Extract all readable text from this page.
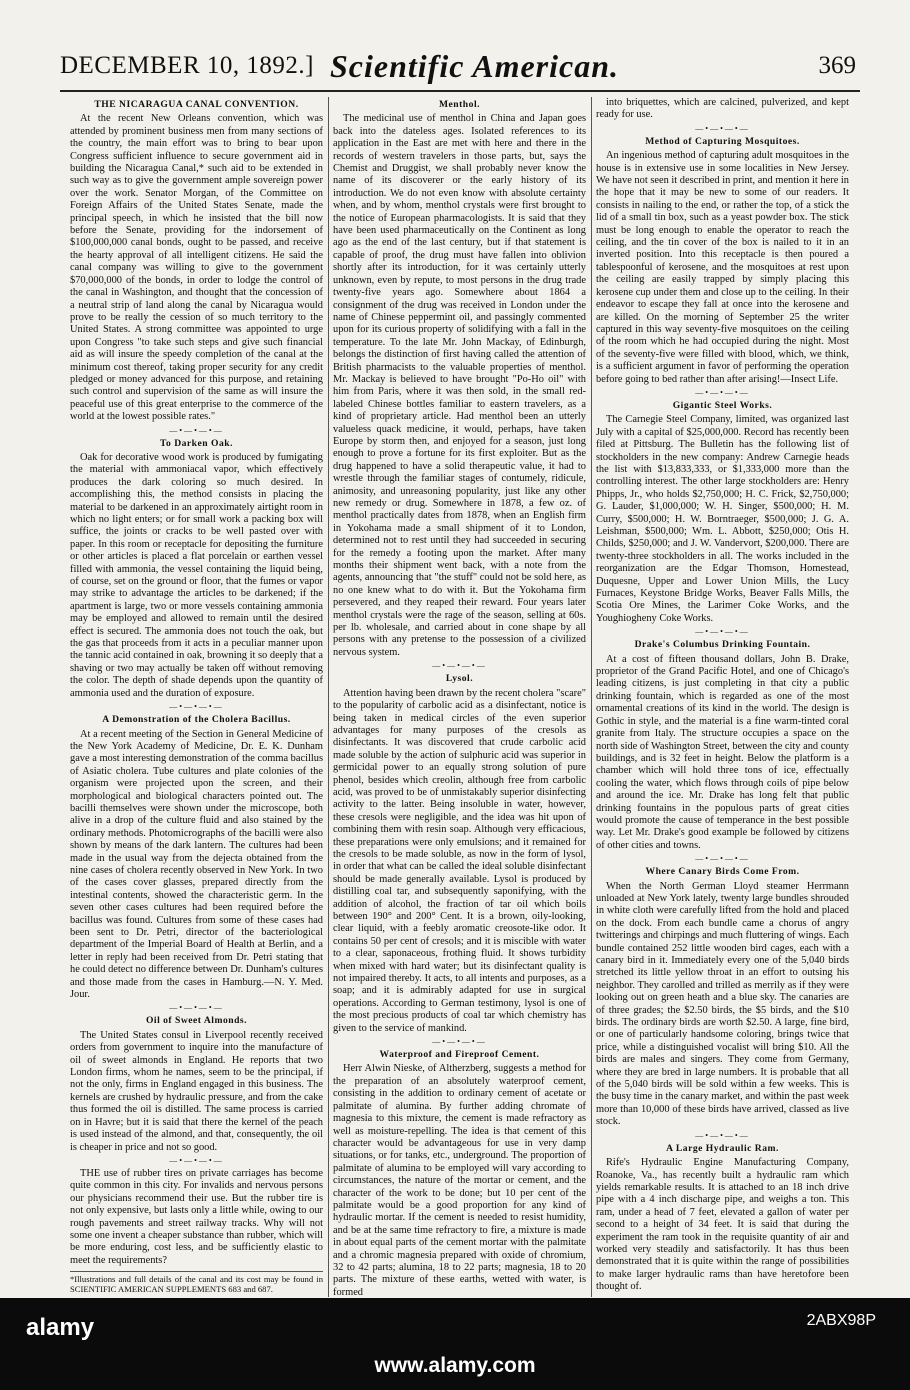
DECEMBER 10, 1892.] Scientific American.	369
THE NICARAGUA CANAL CONVENTION.

At the recent New Orleans convention, which was attended by prominent business men from many sections of the country, the main effort was to bring to bear upon Congress sufficient influence to secure government aid in building the Nicaragua Canal,* such aid to be extended in such way as to give the government ample sovereign power over the work. Senator Morgan, of the Committee on Foreign Affairs of the United States Senate, made the principal speech, in which he insisted that the bill now before the Senate, providing for the indorsement of $100,000,000 canal bonds, ought to be passed, and receive the hearty approval of all intelligent citizens. He said the canal company was willing to give to the government $70,000,000 of the bonds, in order to lodge the control of the canal in Washington, and thought that the concession of a neutral strip of land along the canal by Nicaragua would prove to be really the cession of so much territory to the United States. A strong committee was appointed to urge upon Congress "to take such steps and give such financial aid as will insure the speedy completion of the canal at the minimum cost thereof, taking proper security for any credit pledged or money advanced for this purpose, and retaining such control and supervision of the same as will insure the peaceful use of this great enterprise to the commerce of the world at the lowest possible rates."

—•—•—•—
To Darken Oak.

Oak for decorative wood work is produced by fumigating the material with ammoniacal vapor, which effectively produces the dark coloring so much desired. In accomplishing this, the method consists in placing the material to be darkened in an approximately airtight room in which no light enters; or for small work a packing box will suffice, the joints or cracks to be well pasted over with paper. In this room or receptacle for depositing the furniture or other articles is placed a flat porcelain or earthen vessel filled with ammonia, the vessel containing the liquid being, of course, set on the ground or floor, that the fumes or vapor may strike to advantage the articles to be darkened; if the apartment is large, two or more vessels containing ammonia may be employed and allowed to remain until the desired effect is secured. The ammonia does not touch the oak, but the gas that proceeds from it acts in a peculiar manner upon the tannic acid contained in oak, browning it so deeply that a shaving or two may actually be taken off without removing the color. The depth of shade depends upon the quantity of ammonia used and the duration of exposure.

—•—•—•—
A Demonstration of the Cholera Bacillus.

At a recent meeting of the Section in General Medicine of the New York Academy of Medicine, Dr. E. K. Dunham gave a most interesting demonstration of the comma bacillus of Asiatic cholera. Tube cultures and plate colonies of the organism were projected upon the screen, and their morphological and biological characters pointed out. The bacilli themselves were shown under the microscope, both alive in a drop of the culture fluid and also stained by the ordinary methods. Photomicrographs of the bacilli were also shown by means of the dark lantern. The cultures had been made in the usual way from the dejecta obtained from the nine cases of cholera recently observed in New York. In two of the cases cover glasses, prepared directly from the intestinal contents, showed the characteristic germ. In the seven other cases cultures had been required before the bacillus was found. Cultures from some of these cases had been sent to Dr. Petri, director of the bacteriological department of the Imperial Board of Health at Berlin, and a letter in reply had been received from Dr. Petri stating that he could detect no difference between Dr. Dunham's cultures and those made from the cases in Hamburg.—N. Y. Med. Jour.

—•—•—•—
Oil of Sweet Almonds.

The United States consul in Liverpool recently received orders from government to inquire into the manufacture of oil of sweet almonds in England. He reports that two London firms, whom he names, seem to be the principal, if not the only, firms in England engaged in this business. The kernels are crushed by hydraulic pressure, and from the cake thus formed the oil is distilled. The same process is carried on in Havre; but it is said that there the kernel of the peach is used instead of the almond, and that, consequently, the oil is cheaper in price and not so good.

—•—•—•—

THE use of rubber tires on private carriages has become quite common in this city. For invalids and nervous persons our physicians recommend their use. But the rubber tire is not only expensive, but lasts only a little while, owing to our rough pavements and street railway tracks. Why will not some one invent a cheaper substance than rubber, which will be more enduring, cost less, and be sufficiently elastic to meet the requirements?

*Illustrations and full details of the canal and its cost may be found in SCIENTIFIC AMERICAN SUPPLEMENTS 683 and 687.
Menthol.

The medicinal use of menthol in China and Japan goes back into the dateless ages. Isolated references to its application in the East are met with here and there in the records of western travelers in those parts, but, says the Chemist and Druggist, we shall probably never know the name of its discoverer or the early history of its introduction. We do not even know with absolute certainty when, and by whom, menthol crystals were first brought to the notice of European pharmacologists. It is said that they have been used pharmaceutically on the Continent as long ago as the end of the last century, but if that statement is capable of proof, the drug must have fallen into oblivion shortly after its introduction, for it was certainly utterly unknown, even by repute, to most persons in the drug trade twenty-five years ago. Somewhere about 1864 a consignment of the drug was received in London under the name of Chinese peppermint oil, and passingly commented upon for its curious property of solidifying with a fall in the temperature. To the late Mr. John Mackay, of Edinburgh, belongs the distinction of first having called the attention of British pharmacists to the valuable properties of menthol. Mr. Mackay is believed to have brought "Po-Ho oil" with him from Paris, where it was then sold, in the small red-labeled Chinese bottles familiar to eastern travelers, as a kind of proprietary article. Had menthol been an utterly valueless quack medicine, it would, perhaps, have taken Europe by storm then, and enjoyed for a season, just long enough to prove a fortune for its first exploiter. But as the drug happened to have a solid therapeutic value, it had to wrestle through the familiar stages of contumely, ridicule, animosity, and unreasoning popularity, just like any other new remedy or drug. Somewhere in 1878, a few oz. of menthol practically dates from 1878, when an English firm in Yokohama made a small shipment of it to London, determined not to rest until they had succeeded in securing for the remedy a footing upon the market. After many months their shipment went back, with a note from the agents, announcing that "the stuff" could not be sold here, as no one knew what to do with it. But the Yokohama firm persevered, and they reaped their reward. Four years later menthol crystals were the rage of the season, selling at 60s. per lb. wholesale, and carried about in cone shape by all persons with any pretense to the possession of a civilized nervous system.

—•—•—•—
Lysol.

Attention having been drawn by the recent cholera "scare" to the popularity of carbolic acid as a disinfectant, notice is being taken in medical circles of the even superior advantages for many purposes of the cresols as disinfectants. It was discovered that crude carbolic acid made soluble by the action of sulphuric acid was superior in germicidal power to an equally strong solution of pure phenol, besides which creolin, although free from carbolic acid, was proved to be of unmistakably superior disinfecting activity to the latter. Being insoluble in water, however, these cresols were negligible, and the idea was hit upon of combining them with resin soap. Although very efficacious, these preparations were only emulsions; and it remained for the cresols to be made soluble, as now in the form of lysol, in order that what can be called the ideal soluble disinfectant should be made generally available. Lysol is produced by distilling coal tar, and subsequently saponifying, with the addition of alcohol, the fraction of tar oil which boils between 190° and 200° Cent. It is a brown, oily-looking, clear liquid, with a feebly aromatic creosote-like odor. It contains 50 per cent of cresols; and it is miscible with water to a clear, saponaceous, frothing fluid. It shows turbidity when mixed with hard water; but its disinfectant quality is not impaired thereby. It acts, to all intents and purposes, as a soap; and it is admirably adapted for use in surgical operations. According to German testimony, lysol is one of the most precious products of coal tar which chemistry has given to the service of mankind.

—•—•—•—
Waterproof and Fireproof Cement.

Herr Alwin Nieske, of Altherzberg, suggests a method for the preparation of an absolutely waterproof cement, consisting in the addition to ordinary cement of acetate or palmitate of alumina. By further adding chromate of magnesia to this mixture, the cement is made refractory as well as moisture-repelling. The idea is that cement of this character would be advantageous for use in very damp situations, or for tanks, etc., underground. The proportion of palmitate of alumina to be employed will vary according to circumstances, the nature of the mortar or cement, and the character of the work to be done; but 10 per cent of the palmitate would be a good proportion for any kind of hydraulic mortar. If the cement is needed to resist humidity, and be at the same time refractory to fire, a mixture is made in about equal parts of the cement mortar with the palmitate and a chromic magnesia prepared with oxide of chromium, 32 to 42 parts; alumina, 18 to 22 parts; magnesia, 18 to 20 parts. The mixture of these earths, wetted with water, is formed

into briquettes, which are calcined, pulverized, and kept ready for use.

—•—•—•—
Method of Capturing Mosquitoes.

An ingenious method of capturing adult mosquitoes in the house is in extensive use in some localities in New Jersey. We have not seen it described in print, and mention it here in the hope that it may be new to some of our readers. It consists in nailing to the end, or rather the top, of a stick the lid of a small tin box, such as a yeast powder box. The stick must be long enough to enable the operator to reach the ceiling, and the tin cover of the box is nailed to it in an inverted position. Into this receptacle is then poured a tablespoonful of kerosene, and the mosquitoes at rest upon the ceiling are easily trapped by simply placing this kerosene cup under them and close up to the ceiling. In their endeavor to escape they fall at once into the kerosene and are killed. On the morning of September 25 the writer captured in this way seventy-five mosquitoes on the ceiling of the room which he had occupied during the night. Most of the seventy-five were filled with blood, which, we think, is a sufficient argument in favor of performing the operation before going to bed rather than after arising!—Insect Life.

—•—•—•—
Gigantic Steel Works.

The Carnegie Steel Company, limited, was organized last July with a capital of $25,000,000. Record has recently been filed at Pittsburg. The Bulletin has the following list of stockholders in the new company: Andrew Carnegie heads the list with $13,833,333, or $1,333,000 more than the controlling interest. The other large stockholders are: Henry Phipps, Jr., who holds $2,750,000; H. C. Frick, $2,750,000; G. Lauder, $1,000,000; W. H. Singer, $500,000; H. M. Curry, $500,000; H. W. Borntraeger, $500,000; J. G. A. Leishman, $500,000; Wm. L. Abbott, $250,000; Otis H. Childs, $250,000; and J. W. Vandervort, $200,000. There are twenty-three stockholders in all. The works included in the reorganization are the Edgar Thomson, Homestead, Duquesne, Upper and Lower Union Mills, the Lucy Furnaces, Keystone Bridge Works, Beaver Falls Mills, the Scotia Ore Mines, the Larimer Coke Works, and the Youghiogheny Coke Works.

—•—•—•—
Drake's Columbus Drinking Fountain.

At a cost of fifteen thousand dollars, John B. Drake, proprietor of the Grand Pacific Hotel, and one of Chicago's leading citizens, is just completing in that city a public drinking fountain, which is regarded as one of the most ornamental creations of its kind in the world. The design is Gothic in style, and the material is a fine warm-tinted coral granite from Italy. The structure occupies a space on the north side of Washington Street, between the city and county buildings, and is 32 feet in height. Below the platform is a chamber which will hold three tons of ice, effectually cooling the water, which flows through coils of pipe below and around the ice. Mr. Drake has long felt that public drinking fountains in the populous parts of great cities would promote the cause of temperance in the best possible way. Let Mr. Drake's good example be followed by citizens of other cities and towns.

—•—•—•—
Where Canary Birds Come From.

When the North German Lloyd steamer Herrmann unloaded at New York lately, twenty large bundles shrouded in white cloth were carefully lifted from the hold and placed on the dock. From each bundle came a chorus of angry twitterings and chirpings and much fluttering of wings. Each bundle contained 252 little wooden bird cages, each with a canary bird in it. Immediately every one of the 5,040 birds stretched its little yellow throat in an effort to outsing his neighbor. They carolled and trilled as merrily as if they were looking out on green heath and a blue sky. The canaries are of three grades; the $2.50 birds, the $5 birds, and the $10 birds. The ordinary birds are worth $2.50. A large, fine bird, or one of particularly handsome coloring, brings twice that price, while a distinguished vocalist will bring $10. All the birds are males and singers. They come from Germany, where they are bred in large numbers. It is probable that all of the 5,040 birds will be sold within a few weeks. This is the busy time in the canary market, and within the past week more than 10,000 of these birds have arrived, classed as live stock.

—•—•—•—
A Large Hydraulic Ram.

Rife's Hydraulic Engine Manufacturing Company, Roanoke, Va., has recently built a hydraulic ram which yields remarkable results. It is attached to an 18 inch drive pipe with a 4 inch discharge pipe, and weighs a ton. This ram, under a head of 7 feet, elevated a gallon of water per second to a height of 34 feet. It is said that during the experiment the ram took in the requisite quantity of air and worked very steadily and satisfactorily. It has thus been demonstrated that it is quite within the range of possibilities to make larger hydraulic rams than have heretofore been thought of.

alamy	2ABX98P
www.alamy.com
